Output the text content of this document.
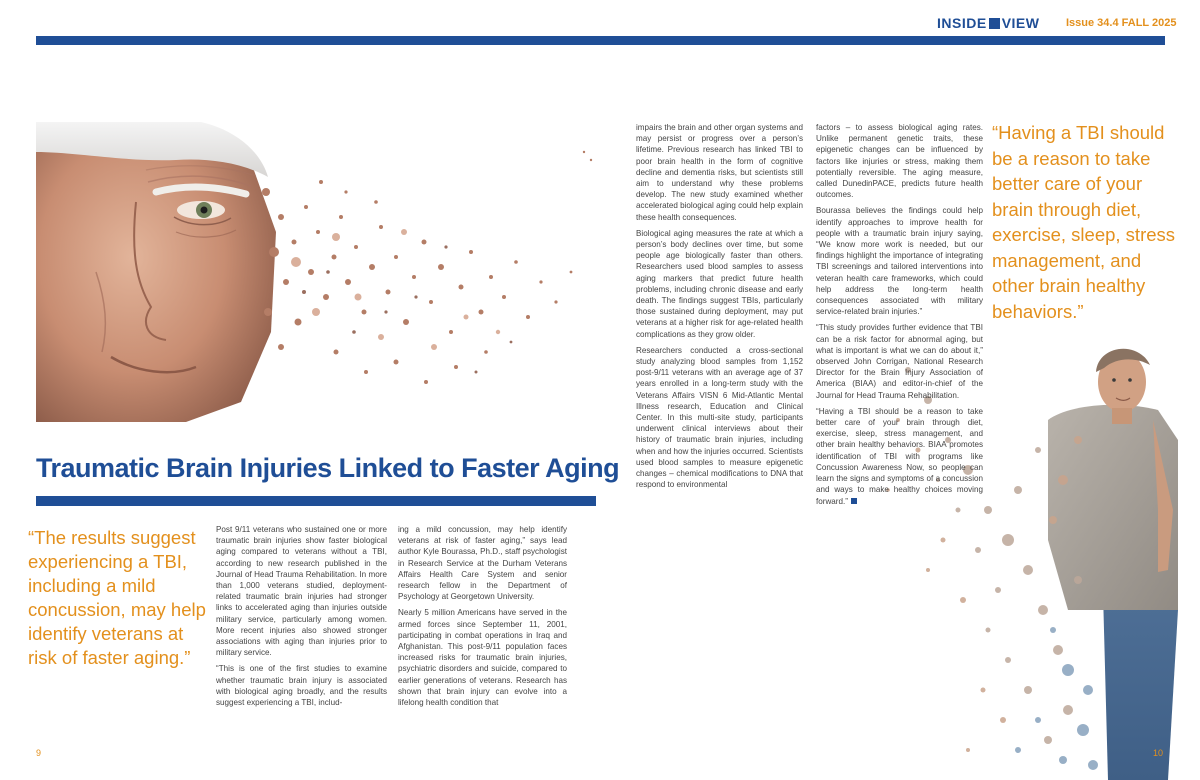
INSIDE VIEW Issue 34.4 FALL 2025
Traumatic Brain Injuries Linked to Faster Aging
“The results suggest experiencing a TBI, including a mild concussion, may help identify veterans at risk of faster aging.”
“Having a TBI should be a reason to take better care of your brain through diet, exercise, sleep, stress management, and other brain healthy behaviors.”

Post 9/11 veterans who sustained one or more traumatic brain injuries show faster biological aging compared to veterans without a TBI, according to new research published in the Journal of Head Trauma Rehabilitation. In more than 1,000 veterans studied, deployment-related traumatic brain injuries had stronger links to accelerated aging than injuries outside military service, particularly among women. More recent injuries also showed stronger associations with aging than injuries prior to military service.

“This is one of the first studies to examine whether traumatic brain injury is associated with biological aging broadly, and the results suggest experiencing a TBI, includ-

ing a mild concussion, may help identify veterans at risk of faster aging,” says lead author Kyle Bourassa, Ph.D., staff psychologist in Research Service at the Durham Veterans Affairs Health Care System and senior research fellow in the Department of Psychology at Georgetown University.

Nearly 5 million Americans have served in the armed forces since September 11, 2001, participating in combat operations in Iraq and Afghanistan. This post-9/11 population faces increased risks for traumatic brain injuries, psychiatric disorders and suicide, compared to earlier generations of veterans. Research has shown that brain injury can evolve into a lifelong health condition that

impairs the brain and other organ systems and may persist or progress over a person’s lifetime. Previous research has linked TBI to poor brain health in the form of cognitive decline and dementia risks, but scientists still aim to understand why these problems develop. The new study examined whether accelerated biological aging could help explain these health consequences.

Biological aging measures the rate at which a person’s body declines over time, but some people age biologically faster than others. Researchers used blood samples to assess aging markers that predict future health problems, including chronic disease and early death. The findings suggest TBIs, particularly those sustained during deployment, may put veterans at a higher risk for age-related health complications as they grow older.

Researchers conducted a cross-sectional study analyzing blood samples from 1,152 post-9/11 veterans with an average age of 37 years enrolled in a long-term study with the Veterans Affairs VISN 6 Mid-Atlantic Mental Illness research, Education and Clinical Center. In this multi-site study, participants underwent clinical interviews about their history of traumatic brain injuries, including when and how the injuries occurred. Scientists used blood samples to measure epigenetic changes – chemical modifications to DNA that respond to environmental

factors – to assess biological aging rates. Unlike permanent genetic traits, these epigenetic changes can be influenced by factors like injuries or stress, making them potentially reversible. The aging measure, called DunedinPACE, predicts future health outcomes.

Bourassa believes the findings could help identify approaches to improve health for people with a traumatic brain injury saying, “We know more work is needed, but our findings highlight the importance of integrating TBI screenings and tailored interventions into veteran health care frameworks, which could help address the long-term health consequences associated with military service-related brain injuries.”

“This study provides further evidence that TBI can be a risk factor for abnormal aging, but what is important is what we can do about it,” observed John Corrigan, National Research Director for the Brain Injury Association of America (BIAA) and editor-in-chief of the Journal for Head Trauma Rehabilitation.

“Having a TBI should be a reason to take better care of your brain through diet, exercise, sleep, stress management, and other brain healthy behaviors. BIAA promotes identification of TBI with programs like Concussion Awareness Now, so people can learn the signs and symptoms of a concussion and ways to make healthy choices moving forward.”

9	10
